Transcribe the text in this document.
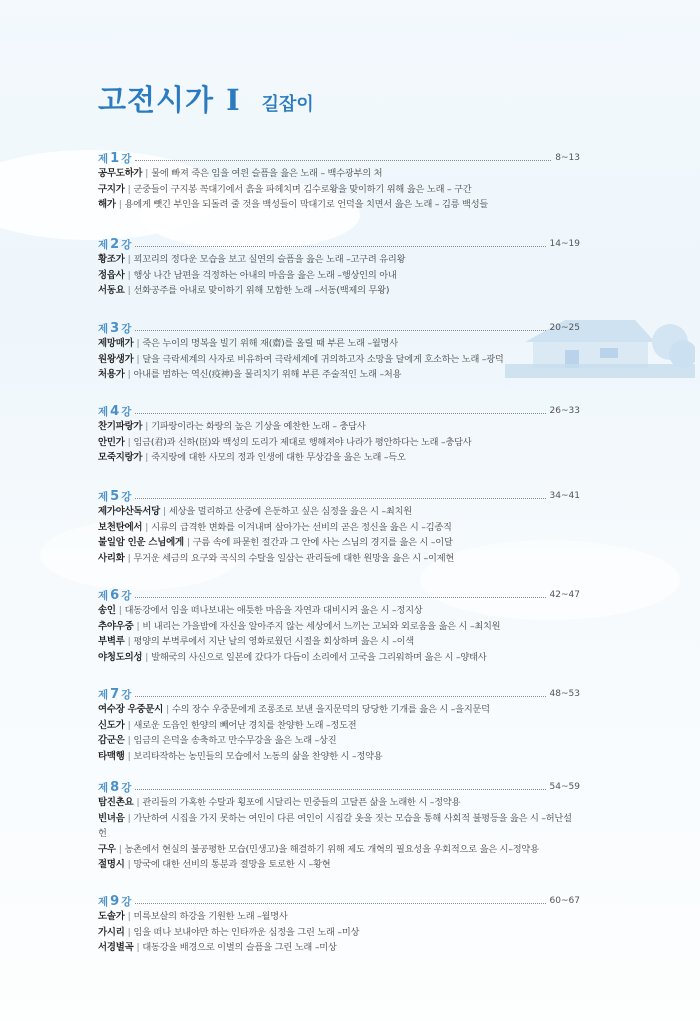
고전시가 I 길잡이
제 1 강	8~13
공무도하가 | 물에 빠져 죽은 임을 여읜 슬픔을 읊은 노래 – 백수광부의 처
구지가 | 군중들이 구지봉 꼭대기에서 흙을 파헤치며 김수로왕을 맞이하기 위해 읊은 노래 – 구간
해가 | 용에게 뺏긴 부인을 되돌려 줄 것을 백성들이 막대기로 언덕을 치면서 읊은 노래 – 김릉 백성들
제 2 강	14~19
황조가 | 꾀꼬리의 정다운 모습을 보고 실연의 슬픔을 읊은 노래 –고구려 유리왕
정읍사 | 행상 나간 남편을 걱정하는 아내의 마음을 읊은 노래 –행상인의 아내
서동요 | 선화공주를 아내로 맞이하기 위해 모함한 노래 –서동(백제의 무왕)
제 3 강	20~25
제망매가 | 죽은 누이의 명복을 빌기 위해 재(齋)를 올릴 때 부른 노래 –월명사
원왕생가 | 달을 극락세계의 사자로 비유하여 극락세계에 귀의하고자 소망을 달에게 호소하는 노래 –광덕
처용가 | 아내를 범하는 역신(疫神)을 물리치기 위해 부른 주술적인 노래 –처용
제 4 강	26~33
찬기파랑가 | 기파랑이라는 화랑의 높은 기상을 예찬한 노래 – 충담사
안민가 | 임금(君)과 신하(臣)와 백성의 도리가 제대로 행해져야 나라가 평안하다는 노래 –충담사
모죽지랑가 | 죽지랑에 대한 사모의 정과 인생에 대한 무상감을 읊은 노래 –득오
제 5 강	34~41
제가야산독서당 | 세상을 멀리하고 산중에 은둔하고 싶은 심정을 읊은 시 –최치원
보천탄에서 | 시류의 급격한 변화를 이겨내며 살아가는 선비의 곧은 정신을 읊은 시 –김종직
불일암 인운 스님에게 | 구름 속에 파묻힌 절간과 그 안에 사는 스님의 경지를 읊은 시 –이달
사리화 | 무거운 세금의 요구와 곡식의 수탈을 일삼는 관리들에 대한 원망을 읊은 시 –이제현
제 6 강	42~47
송인 | 대동강에서 임을 떠나보내는 애틋한 마음을 자연과 대비시켜 읊은 시 –정지상
추야우중 | 비 내리는 가을밤에 자신을 알아주지 않는 세상에서 느끼는 고뇌와 외로움을 읊은 시 –최치원
부벽루 | 평양의 부벽루에서 지난 날의 영화로웠던 시절을 회상하며 읊은 시 –이색
야청도의성 | 발해국의 사신으로 일본에 갔다가 다듬이 소리에서 고국을 그리워하며 읊은 시 –양태사
제 7 강	48~53
여수장 우중문시 | 수의 장수 우중문에게 조롱조로 보낸 을지문덕의 당당한 기개를 읊은 시 –을지문덕
신도가 | 새로운 도읍인 한양의 빼어난 경치를 찬양한 노래 –정도전
감군은 | 임금의 은덕을 송축하고 만수무강을 읊은 노래 –상진
타맥행 | 보리타작하는 농민들의 모습에서 노동의 삶을 찬양한 시 –정약용
제 8 강	54~59
탐진촌요 | 관리들의 가혹한 수탈과 횡포에 시달리는 민중들의 고달픈 삶을 노래한 시 –정약용
빈녀음 | 가난하여 시집을 가지 못하는 여인이 다른 여인이 시집갈 옷을 짓는 모습을 통해 사회적 불평등을 읊은 시 –허난설헌
구우 | 농촌에서 현실의 불공평한 모습(민생고)을 해결하기 위해 제도 개혁의 필요성을 우회적으로 읊은 시–정약용
절명시 | 망국에 대한 선비의 통분과 절망을 토로한 시 –황현
제 9 강	60~67
도솔가 | 미륵보살의 하강을 기원한 노래 –월명사
가시리 | 임을 떠나 보내야만 하는 인타까운 심정을 그린 노래 –미상
서경별곡 | 대동강을 배경으로 이별의 슬픔을 그린 노래 –미상
